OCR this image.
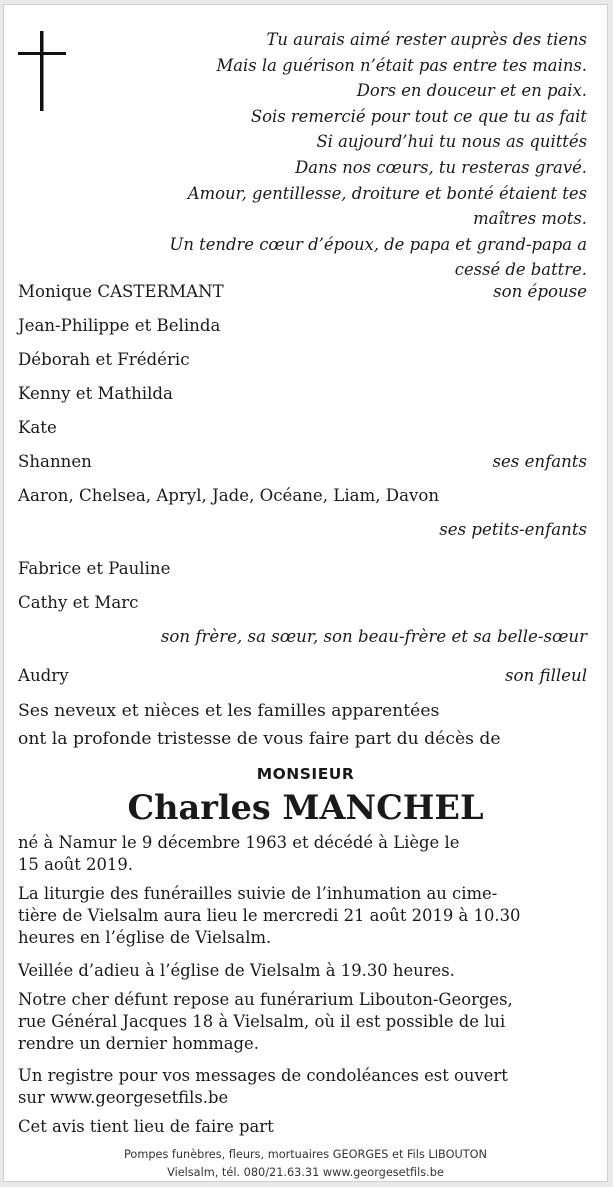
Tu aurais aimé rester auprès des tiens
Mais la guérison n’était pas entre tes mains.
Dors en douceur et en paix.
Sois remercié pour tout ce que tu as fait
Si aujourd’hui tu nous as quittés
Dans nos cœurs, tu resteras gravé.
Amour, gentillesse, droiture et bonté étaient tes
maîtres mots.
Un tendre cœur d’époux, de papa et grand-papa a
cessé de battre.
Monique CASTERMANT	son épouse
Jean-Philippe et Belinda
Déborah et Frédéric
Kenny et Mathilda
Kate
Shannen	ses enfants
Aaron, Chelsea, Apryl, Jade, Océane, Liam, Davon
ses petits-enfants
Fabrice et Pauline
Cathy et Marc
son frère, sa sœur, son beau-frère et sa belle-sœur
Audry	son filleul
Ses neveux et nièces et les familles apparentées
ont la profonde tristesse de vous faire part du décès de
MONSIEUR
Charles MANCHEL
né à Namur le 9 décembre 1963 et décédé à Liège le
15 août 2019.
La liturgie des funérailles suivie de l’inhumation au cime-
tière de Vielsalm aura lieu le mercredi 21 août 2019 à 10.30
heures en l’église de Vielsalm.
Veillée d’adieu à l’église de Vielsalm à 19.30 heures.
Notre cher défunt repose au funérarium Libouton-Georges,
rue Général Jacques 18 à Vielsalm, où il est possible de lui
rendre un dernier hommage.
Un registre pour vos messages de condoléances est ouvert
sur www.georgesetfils.be
Cet avis tient lieu de faire part
Pompes funèbres, fleurs, mortuaires GEORGES et Fils LIBOUTON
Vielsalm, tél. 080/21.63.31 www.georgesetfils.be
